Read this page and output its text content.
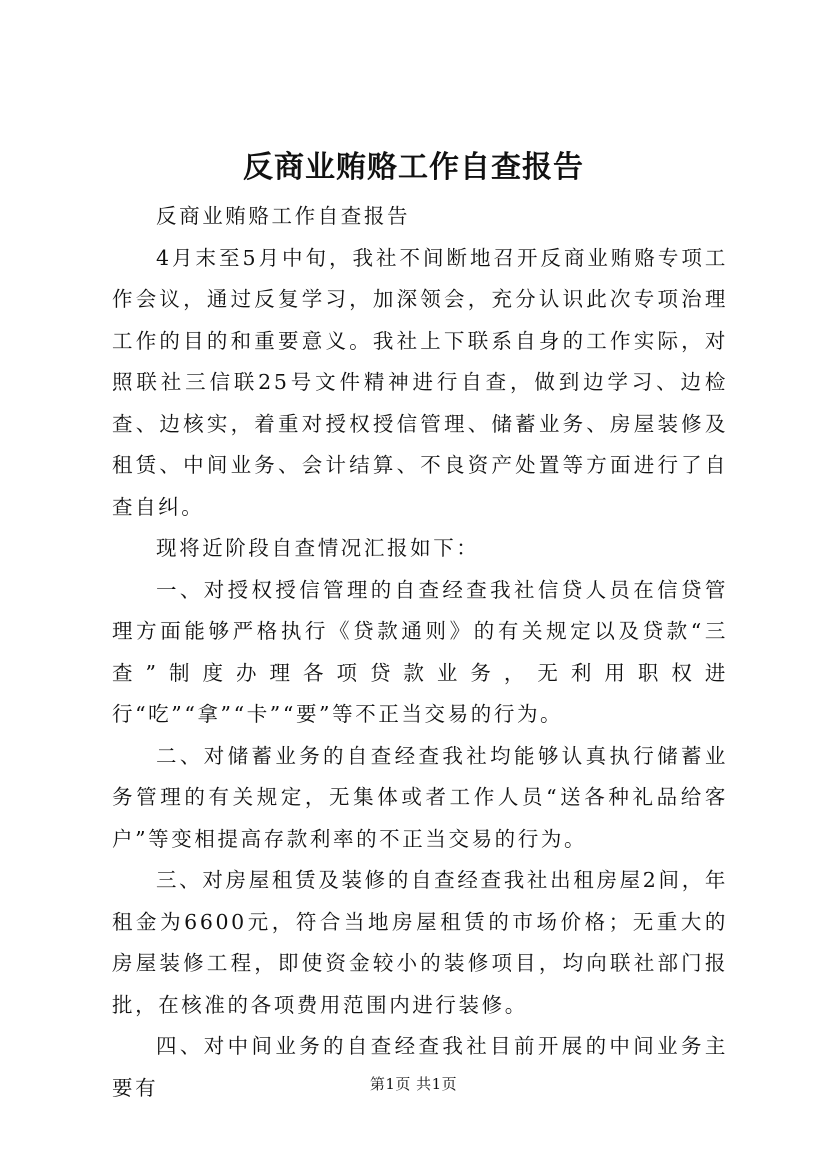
反商业贿赂工作自查报告

反商业贿赂工作自查报告

4月末至5月中旬，我社不间断地召开反商业贿赂专项工作会议，通过反复学习，加深领会，充分认识此次专项治理工作的目的和重要意义。我社上下联系自身的工作实际，对照联社三信联25号文件精神进行自查，做到边学习、边检查、边核实，着重对授权授信管理、储蓄业务、房屋装修及租赁、中间业务、会计结算、不良资产处置等方面进行了自查自纠。

现将近阶段自查情况汇报如下：

一、对授权授信管理的自查经查我社信贷人员在信贷管理方面能够严格执行《贷款通则》的有关规定以及贷款“三查”制度办理各项贷款业务，无利用职权进行“吃”“拿”“卡”“要”等不正当交易的行为。

二、对储蓄业务的自查经查我社均能够认真执行储蓄业务管理的有关规定，无集体或者工作人员“送各种礼品给客户”等变相提高存款利率的不正当交易的行为。

三、对房屋租赁及装修的自查经查我社出租房屋2间，年租金为6600元，符合当地房屋租赁的市场价格；无重大的房屋装修工程，即使资金较小的装修项目，均向联社部门报批，在核准的各项费用范围内进行装修。

四、对中间业务的自查经查我社目前开展的中间业务主要有	第1页 共1页
